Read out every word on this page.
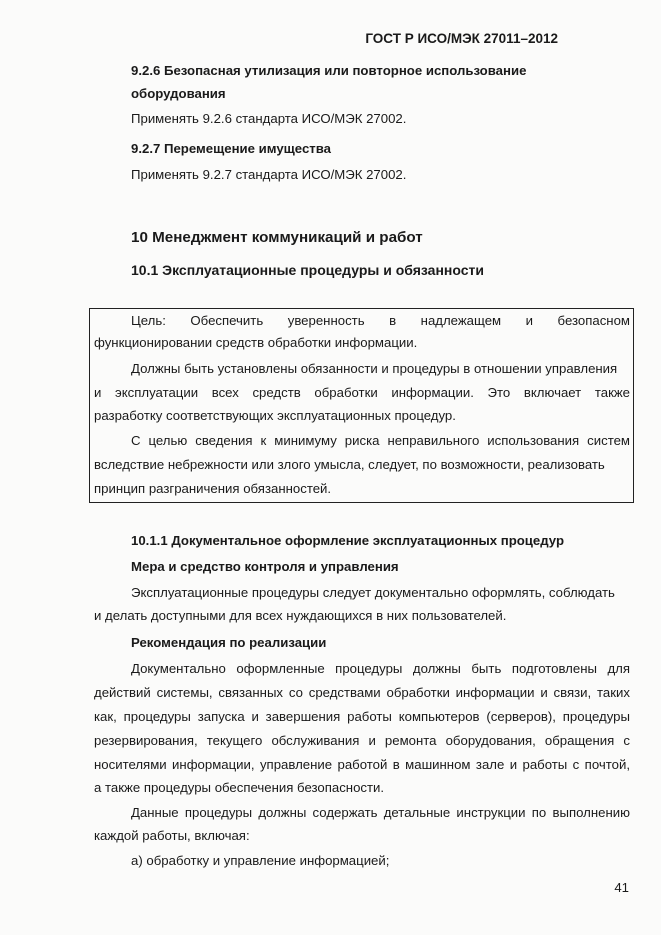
ГОСТ Р ИСО/МЭК 27011–2012
9.2.6 Безопасная утилизация или повторное использование
оборудования
Применять 9.2.6 стандарта ИСО/МЭК 27002.
9.2.7 Перемещение имущества
Применять 9.2.7 стандарта ИСО/МЭК 27002.
10 Менеджмент коммуникаций и работ
10.1 Эксплуатационные процедуры и обязанности
Цель: Обеспечить уверенность в надлежащем и безопасном
функционировании средств обработки информации.
Должны быть установлены обязанности и процедуры в отношении управления
и эксплуатации всех средств обработки информации. Это включает также
разработку соответствующих эксплуатационных процедур.
С целью сведения к минимуму риска неправильного использования систем
вследствие небрежности или злого умысла, следует, по возможности, реализовать
принцип разграничения обязанностей.
10.1.1 Документальное оформление эксплуатационных процедур
Мера и средство контроля и управления
Эксплуатационные процедуры следует документально оформлять, соблюдать
и делать доступными для всех нуждающихся в них пользователей.
Рекомендация по реализации
Документально оформленные процедуры должны быть подготовлены для
действий системы, связанных со средствами обработки информации и связи, таких
как, процедуры запуска и завершения работы компьютеров (серверов), процедуры
резервирования, текущего обслуживания и ремонта оборудования, обращения с
носителями информации, управление работой в машинном зале и работы с почтой,
а также процедуры обеспечения безопасности.
Данные процедуры должны содержать детальные инструкции по выполнению
каждой работы, включая:
а) обработку и управление информацией;
41
